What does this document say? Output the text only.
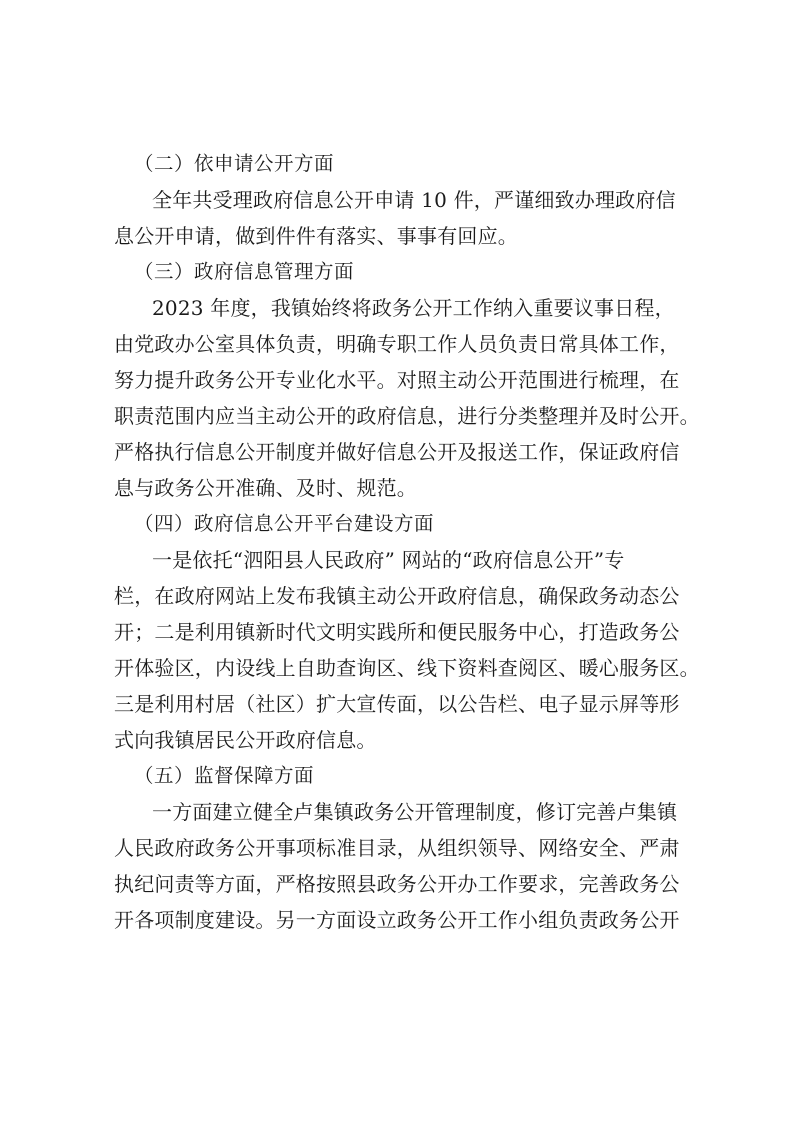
（二）依申请公开方面

全年共受理政府信息公开申请 10 件，严谨细致办理政府信
息公开申请，做到件件有落实、事事有回应。

（三）政府信息管理方面

2023 年度，我镇始终将政务公开工作纳入重要议事日程，
由党政办公室具体负责，明确专职工作人员负责日常具体工作，
努力提升政务公开专业化水平。对照主动公开范围进行梳理，在
职责范围内应当主动公开的政府信息，进行分类整理并及时公开。
严格执行信息公开制度并做好信息公开及报送工作，保证政府信
息与政务公开准确、及时、规范。

（四）政府信息公开平台建设方面

一是依托“泗阳县人民政府” 网站的“政府信息公开”专
栏，在政府网站上发布我镇主动公开政府信息，确保政务动态公
开；二是利用镇新时代文明实践所和便民服务中心，打造政务公
开体验区，内设线上自助查询区、线下资料查阅区、暖心服务区。
三是利用村居（社区）扩大宣传面，以公告栏、电子显示屏等形
式向我镇居民公开政府信息。

（五）监督保障方面

一方面建立健全卢集镇政务公开管理制度，修订完善卢集镇
人民政府政务公开事项标准目录，从组织领导、网络安全、严肃
执纪问责等方面，严格按照县政务公开办工作要求，完善政务公
开各项制度建设。另一方面设立政务公开工作小组负责政务公开
